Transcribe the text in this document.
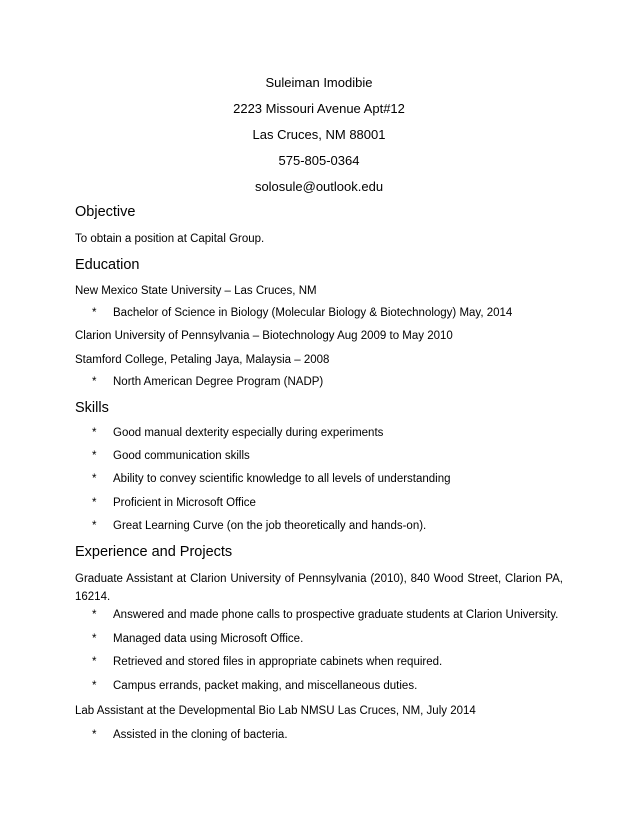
Suleiman Imodibie
2223 Missouri Avenue Apt#12
Las Cruces, NM 88001
575-805-0364
solosule@outlook.edu
Objective
To obtain a position at Capital Group.
Education
New Mexico State University – Las Cruces, NM
* Bachelor of Science in Biology (Molecular Biology & Biotechnology) May, 2014
Clarion University of Pennsylvania – Biotechnology Aug 2009 to May 2010
Stamford College, Petaling Jaya, Malaysia – 2008
* North American Degree Program (NADP)
Skills
* Good manual dexterity especially during experiments
* Good communication skills
* Ability to convey scientific knowledge to all levels of understanding
* Proficient in Microsoft Office
* Great Learning Curve (on the job theoretically and hands-on).
Experience and Projects
Graduate Assistant at Clarion University of Pennsylvania (2010), 840 Wood Street, Clarion PA, 16214.
* Answered and made phone calls to prospective graduate students at Clarion University.
* Managed data using Microsoft Office.
* Retrieved and stored files in appropriate cabinets when required.
* Campus errands, packet making, and miscellaneous duties.
Lab Assistant at the Developmental Bio Lab NMSU Las Cruces, NM, July 2014
* Assisted in the cloning of bacteria.
